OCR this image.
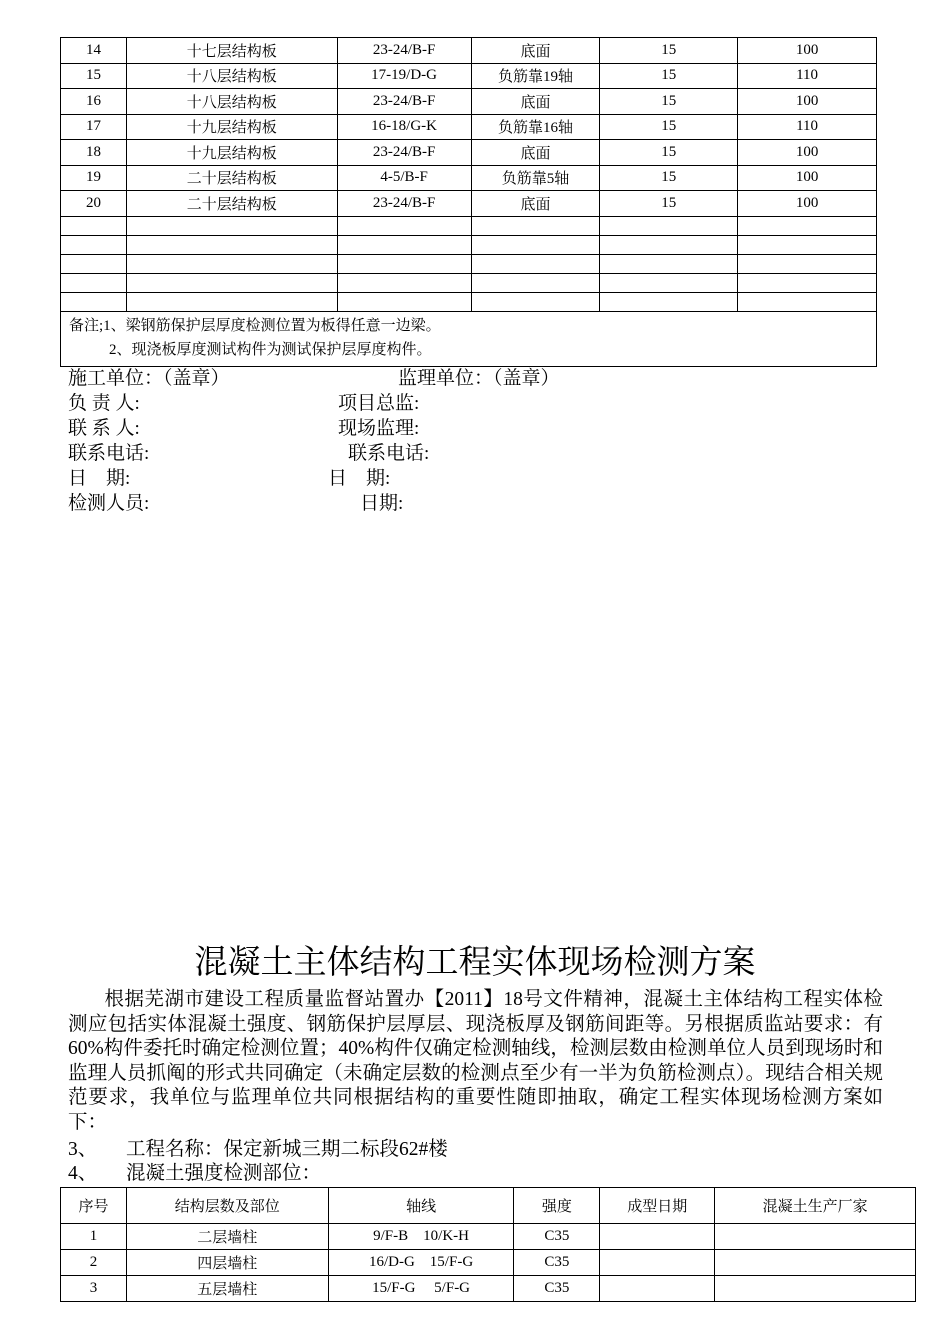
14	十七层结构板	23-24/B-F	底面	15	100
15	十八层结构板	17-19/D-G	负筋靠19轴	15	110
16	十八层结构板	23-24/B-F	底面	15	100
17	十九层结构板	16-18/G-K	负筋靠16轴	15	110
18	十九层结构板	23-24/B-F	底面	15	100
19	二十层结构板	4-5/B-F	负筋靠5轴	15	100
20	二十层结构板	23-24/B-F	底面	15	100

备注;1、梁钢筋保护层厚度检测位置为板得任意一边梁。
2、现浇板厚度测试构件为测试保护层厚度构件。					
施工单位：（盖章）	监理单位：（盖章）
负 责 人:	项目总监:
联 系 人:	现场监理:
联系电话:	联系电话:
日    期:	日    期:
检测人员:	日期:
混凝土主体结构工程实体现场检测方案
根据芜湖市建设工程质量监督站置办【2011】18号文件精神，混凝土主体结构工程实体检测应包括实体混凝土强度、钢筋保护层厚层、现浇板厚及钢筋间距等。另根据质监站要求：有60%构件委托时确定检测位置；40%构件仅确定检测轴线，检测层数由检测单位人员到现场时和监理人员抓阄的形式共同确定（未确定层数的检测点至少有一半为负筋检测点）。现结合相关规范要求，我单位与监理单位共同根据结构的重要性随即抽取，确定工程实体现场检测方案如下：
3、 工程名称：保定新城三期二标段62#楼
4、 混凝土强度检测部位：
序号	结构层数及部位	轴线	强度	成型日期	混凝土生产厂家
1	二层墙柱	9/F-B    10/K-H	C35		
2	四层墙柱	16/D-G    15/F-G	C35		
3	五层墙柱	15/F-G     5/F-G	C35		
